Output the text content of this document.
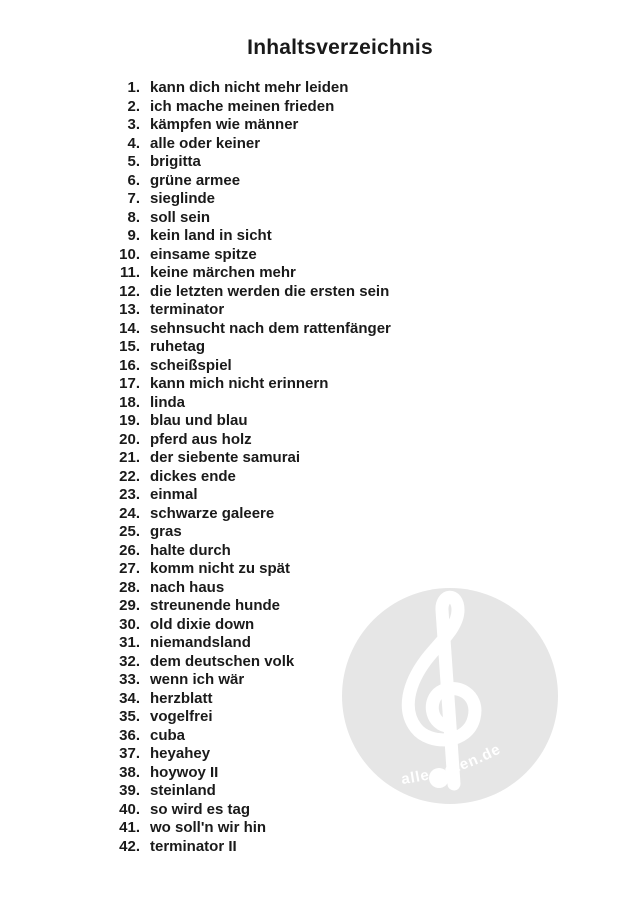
alle-noten.de
Inhaltsverzeichnis
1. kann dich nicht mehr leiden
2. ich mache meinen frieden
3. kämpfen wie männer
4. alle oder keiner
5. brigitta
6. grüne armee
7. sieglinde
8. soll sein
9. kein land in sicht
10. einsame spitze
11. keine märchen mehr
12. die letzten werden die ersten sein
13. terminator
14. sehnsucht nach dem rattenfänger
15. ruhetag
16. scheißspiel
17. kann mich nicht erinnern
18. linda
19. blau und blau
20. pferd aus holz
21. der siebente samurai
22. dickes ende
23. einmal
24. schwarze galeere
25. gras
26. halte durch
27. komm nicht zu spät
28. nach haus
29. streunende hunde
30. old dixie down
31. niemandsland
32. dem deutschen volk
33. wenn ich wär
34. herzblatt
35. vogelfrei
36. cuba
37. heyahey
38. hoywoy II
39. steinland
40. so wird es tag
41. wo soll'n wir hin
42. terminator II
